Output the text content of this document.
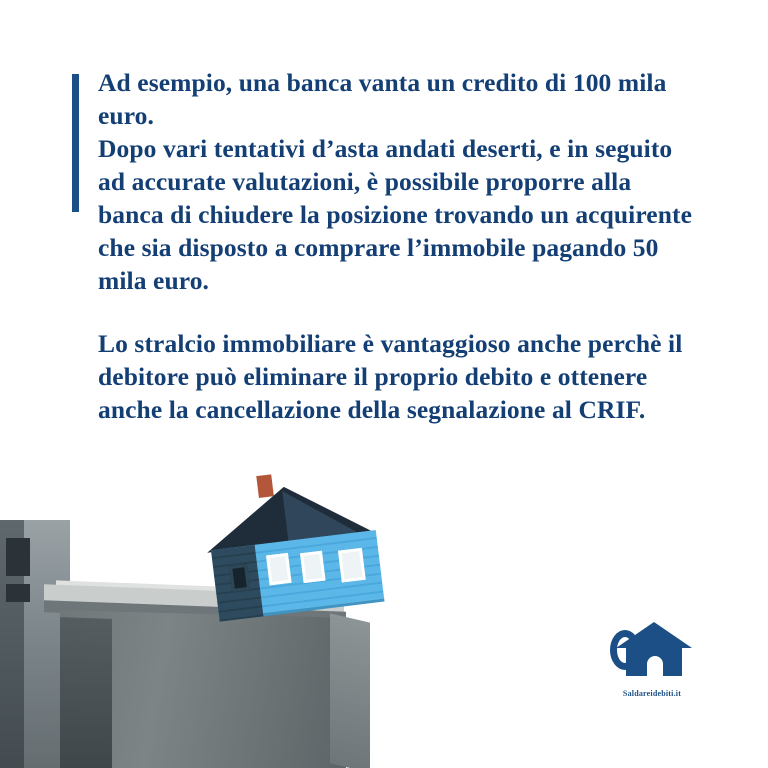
Ad esempio, una banca vanta un credito di 100 mila euro.

Dopo vari tentativi d’asta andati deserti, e in seguito ad accurate valutazioni, è possibile proporre alla banca di chiudere la posizione trovando un acquirente che sia disposto a comprare l’immobile pagando 50 mila euro.

Lo stralcio immobiliare è vantaggioso anche perchè il debitore può eliminare il proprio debito e ottenere anche la cancellazione della segnalazione al CRIF.

Saldareidebiti.it
